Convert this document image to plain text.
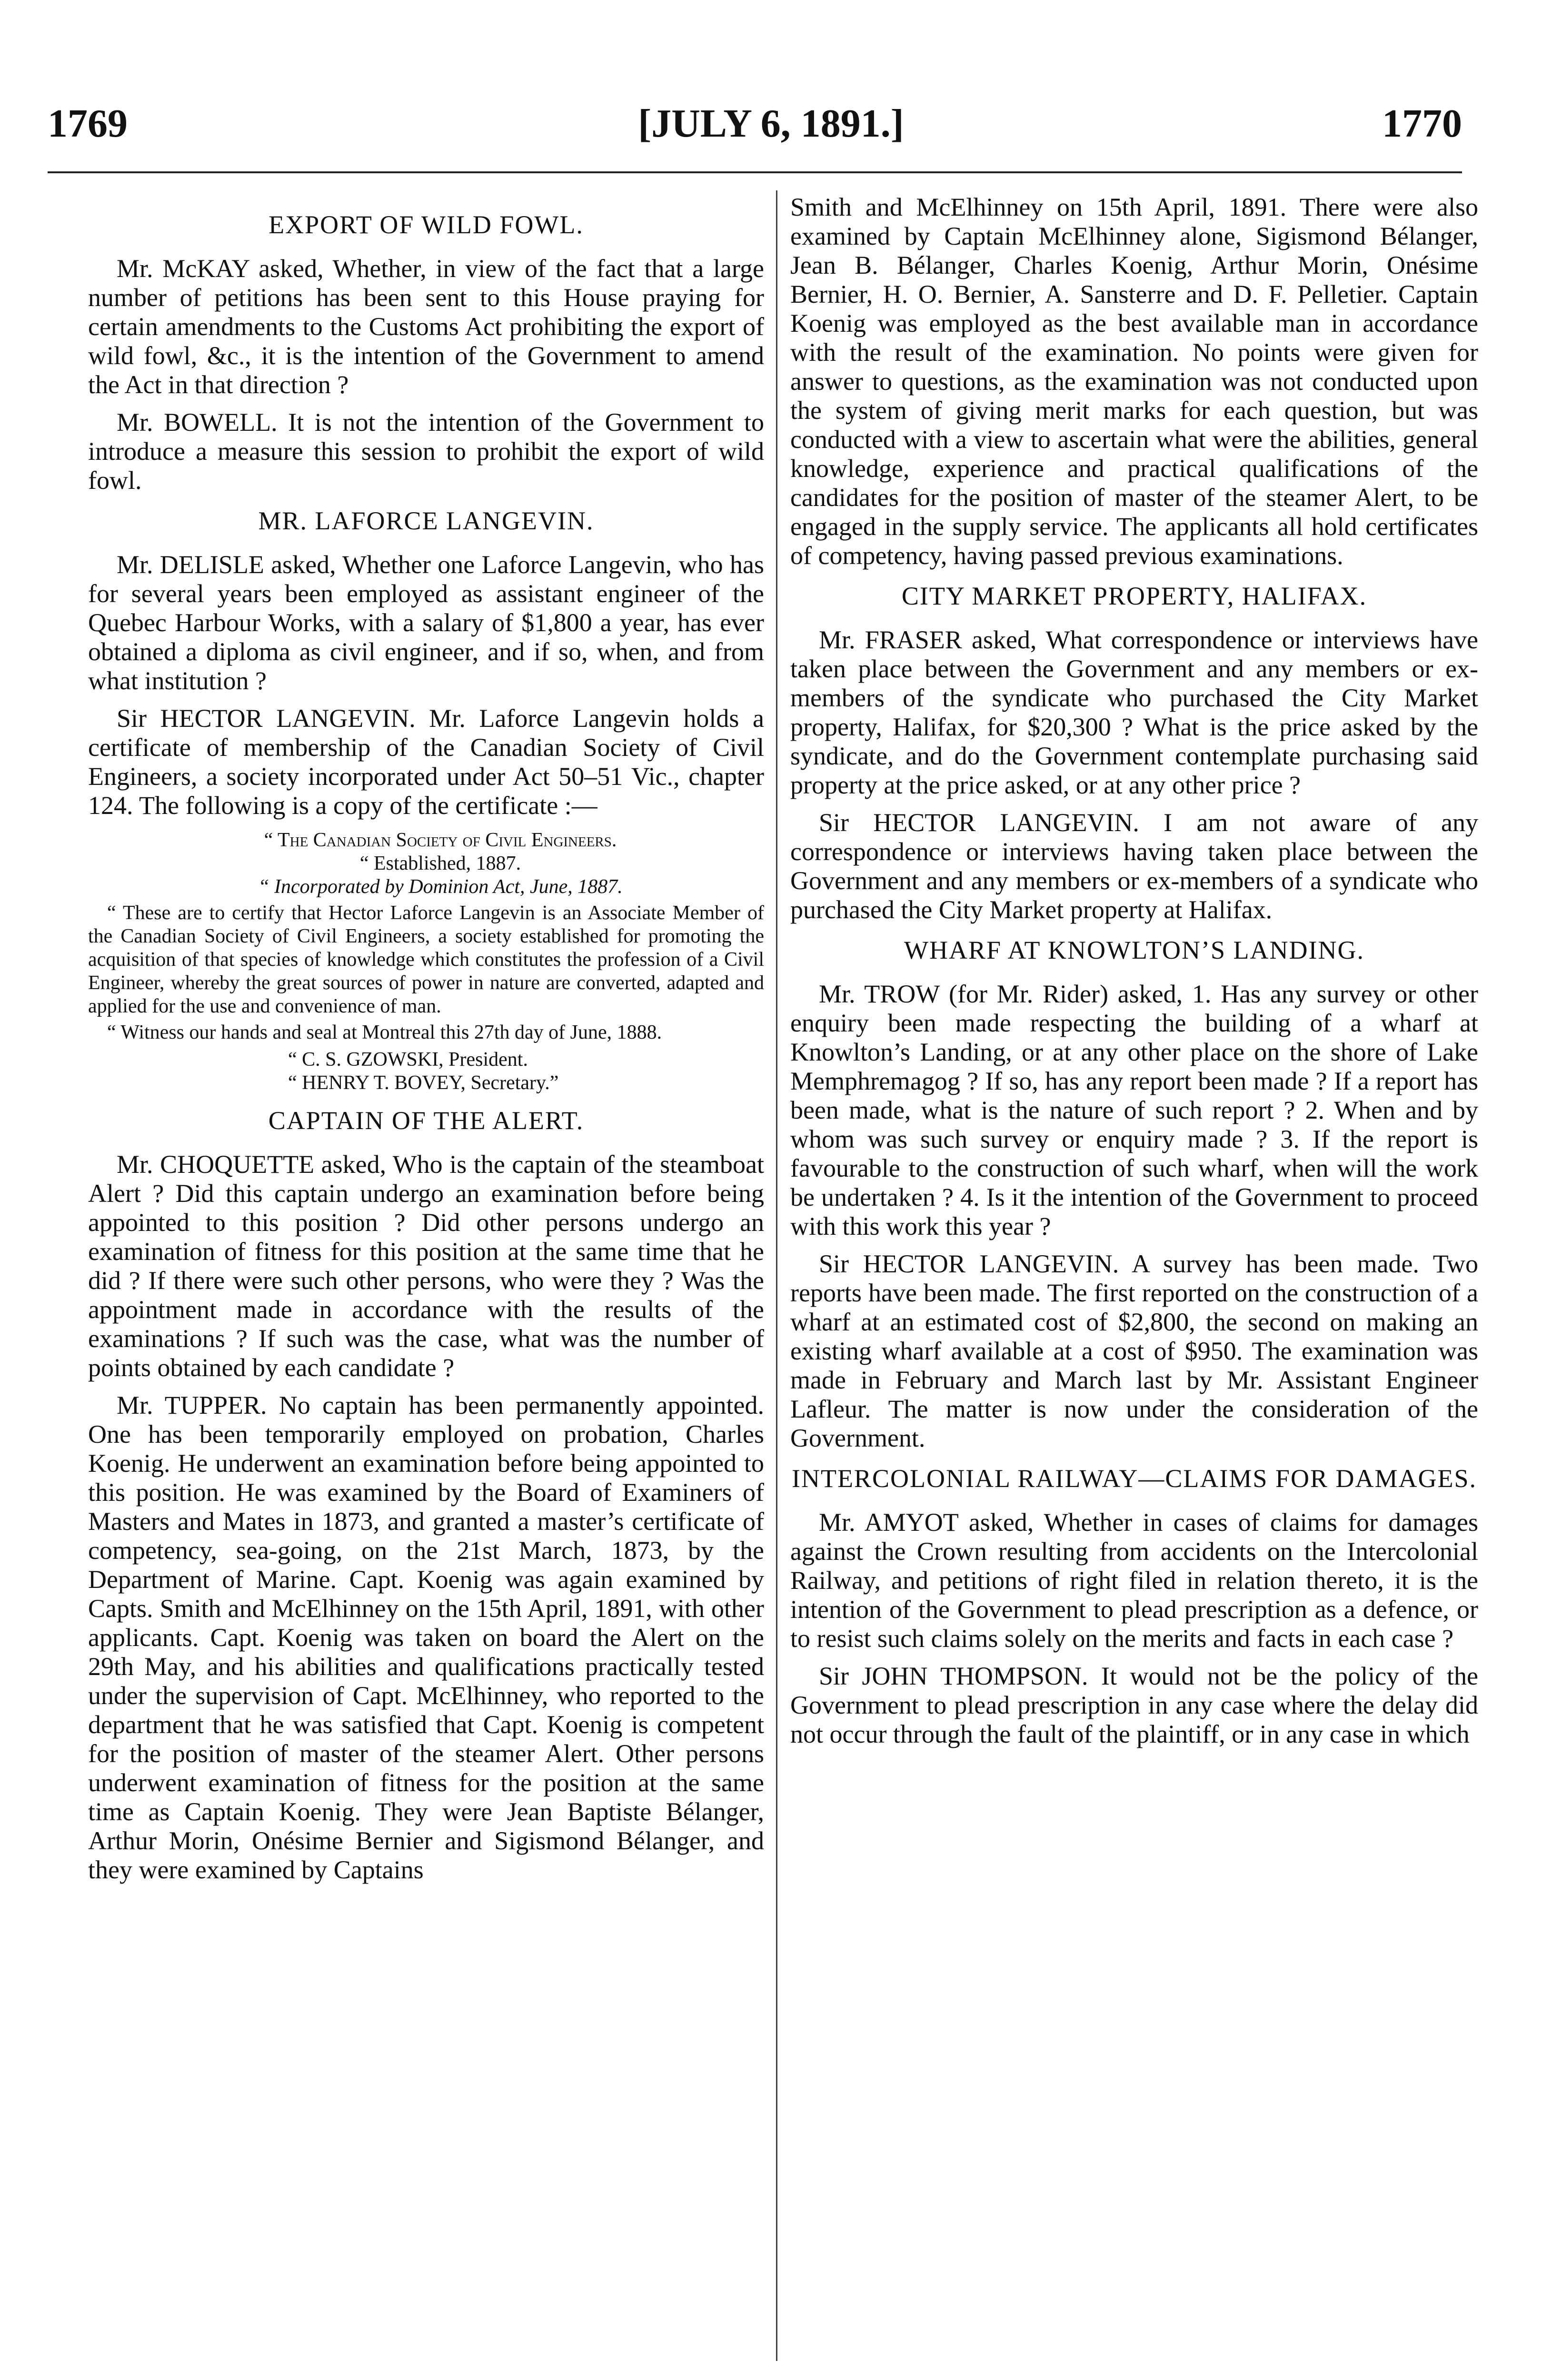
1769	[JULY 6, 1891.]	1770
EXPORT OF WILD FOWL.

Mr. McKAY asked, Whether, in view of the fact that a large number of petitions has been sent to this House praying for certain amendments to the Customs Act prohibiting the export of wild fowl, &c., it is the intention of the Government to amend the Act in that direction ?

Mr. BOWELL. It is not the intention of the Government to introduce a measure this session to prohibit the export of wild fowl.

MR. LAFORCE LANGEVIN.

Mr. DELISLE asked, Whether one Laforce Langevin, who has for several years been employed as assistant engineer of the Quebec Harbour Works, with a salary of $1,800 a year, has ever obtained a diploma as civil engineer, and if so, when, and from what institution ?

Sir HECTOR LANGEVIN. Mr. Laforce Langevin holds a certificate of membership of the Canadian Society of Civil Engineers, a society incorporated under Act 50–51 Vic., chapter 124. The following is a copy of the certificate :—

“ The Canadian Society of Civil Engineers.

“ Established, 1887.

“ Incorporated by Dominion Act, June, 1887.

“ These are to certify that Hector Laforce Langevin is an Associate Member of the Canadian Society of Civil Engineers, a society established for promoting the acquisition of that species of knowledge which constitutes the profession of a Civil Engineer, whereby the great sources of power in nature are converted, adapted and applied for the use and convenience of man.

“ Witness our hands and seal at Montreal this 27th day of June, 1888.

“ C. S. GZOWSKI, President.

“ HENRY T. BOVEY, Secretary.”

CAPTAIN OF THE ALERT.

Mr. CHOQUETTE asked, Who is the captain of the steamboat Alert ? Did this captain undergo an examination before being appointed to this position ? Did other persons undergo an examination of fitness for this position at the same time that he did ? If there were such other persons, who were they ? Was the appointment made in accordance with the results of the examinations ? If such was the case, what was the number of points obtained by each candidate ?

Mr. TUPPER. No captain has been permanently appointed. One has been temporarily employed on probation, Charles Koenig. He underwent an examination before being appointed to this position. He was examined by the Board of Examiners of Masters and Mates in 1873, and granted a master’s certificate of competency, sea-going, on the 21st March, 1873, by the Department of Marine. Capt. Koenig was again examined by Capts. Smith and McElhinney on the 15th April, 1891, with other applicants. Capt. Koenig was taken on board the Alert on the 29th May, and his abilities and qualifications practically tested under the supervision of Capt. McElhinney, who reported to the department that he was satisfied that Capt. Koenig is competent for the position of master of the steamer Alert. Other persons underwent examination of fitness for the position at the same time as Captain Koenig. They were Jean Baptiste Bélanger, Arthur Morin, Onésime Bernier and Sigismond Bélanger, and they were examined by Captains

Smith and McElhinney on 15th April, 1891. There were also examined by Captain McElhinney alone, Sigismond Bélanger, Jean B. Bélanger, Charles Koenig, Arthur Morin, Onésime Bernier, H. O. Bernier, A. Sansterre and D. F. Pelletier. Captain Koenig was employed as the best available man in accordance with the result of the examination. No points were given for answer to questions, as the examination was not conducted upon the system of giving merit marks for each question, but was conducted with a view to ascertain what were the abilities, general knowledge, experience and practical qualifications of the candidates for the position of master of the steamer Alert, to be engaged in the supply service. The applicants all hold certificates of competency, having passed previous examinations.

CITY MARKET PROPERTY, HALIFAX.

Mr. FRASER asked, What correspondence or interviews have taken place between the Government and any members or ex-members of the syndicate who purchased the City Market property, Halifax, for $20,300 ? What is the price asked by the syndicate, and do the Government contemplate purchasing said property at the price asked, or at any other price ?

Sir HECTOR LANGEVIN. I am not aware of any correspondence or interviews having taken place between the Government and any members or ex-members of a syndicate who purchased the City Market property at Halifax.

WHARF AT KNOWLTON’S LANDING.

Mr. TROW (for Mr. Rider) asked, 1. Has any survey or other enquiry been made respecting the building of a wharf at Knowlton’s Landing, or at any other place on the shore of Lake Memphremagog ? If so, has any report been made ? If a report has been made, what is the nature of such report ? 2. When and by whom was such survey or enquiry made ? 3. If the report is favourable to the construction of such wharf, when will the work be undertaken ? 4. Is it the intention of the Government to proceed with this work this year ?

Sir HECTOR LANGEVIN. A survey has been made. Two reports have been made. The first reported on the construction of a wharf at an estimated cost of $2,800, the second on making an existing wharf available at a cost of $950. The examination was made in February and March last by Mr. Assistant Engineer Lafleur. The matter is now under the consideration of the Government.

INTERCOLONIAL RAILWAY—CLAIMS FOR DAMAGES.

Mr. AMYOT asked, Whether in cases of claims for damages against the Crown resulting from accidents on the Intercolonial Railway, and petitions of right filed in relation thereto, it is the intention of the Government to plead prescription as a defence, or to resist such claims solely on the merits and facts in each case ?

Sir JOHN THOMPSON. It would not be the policy of the Government to plead prescription in any case where the delay did not occur through the fault of the plaintiff, or in any case in which
